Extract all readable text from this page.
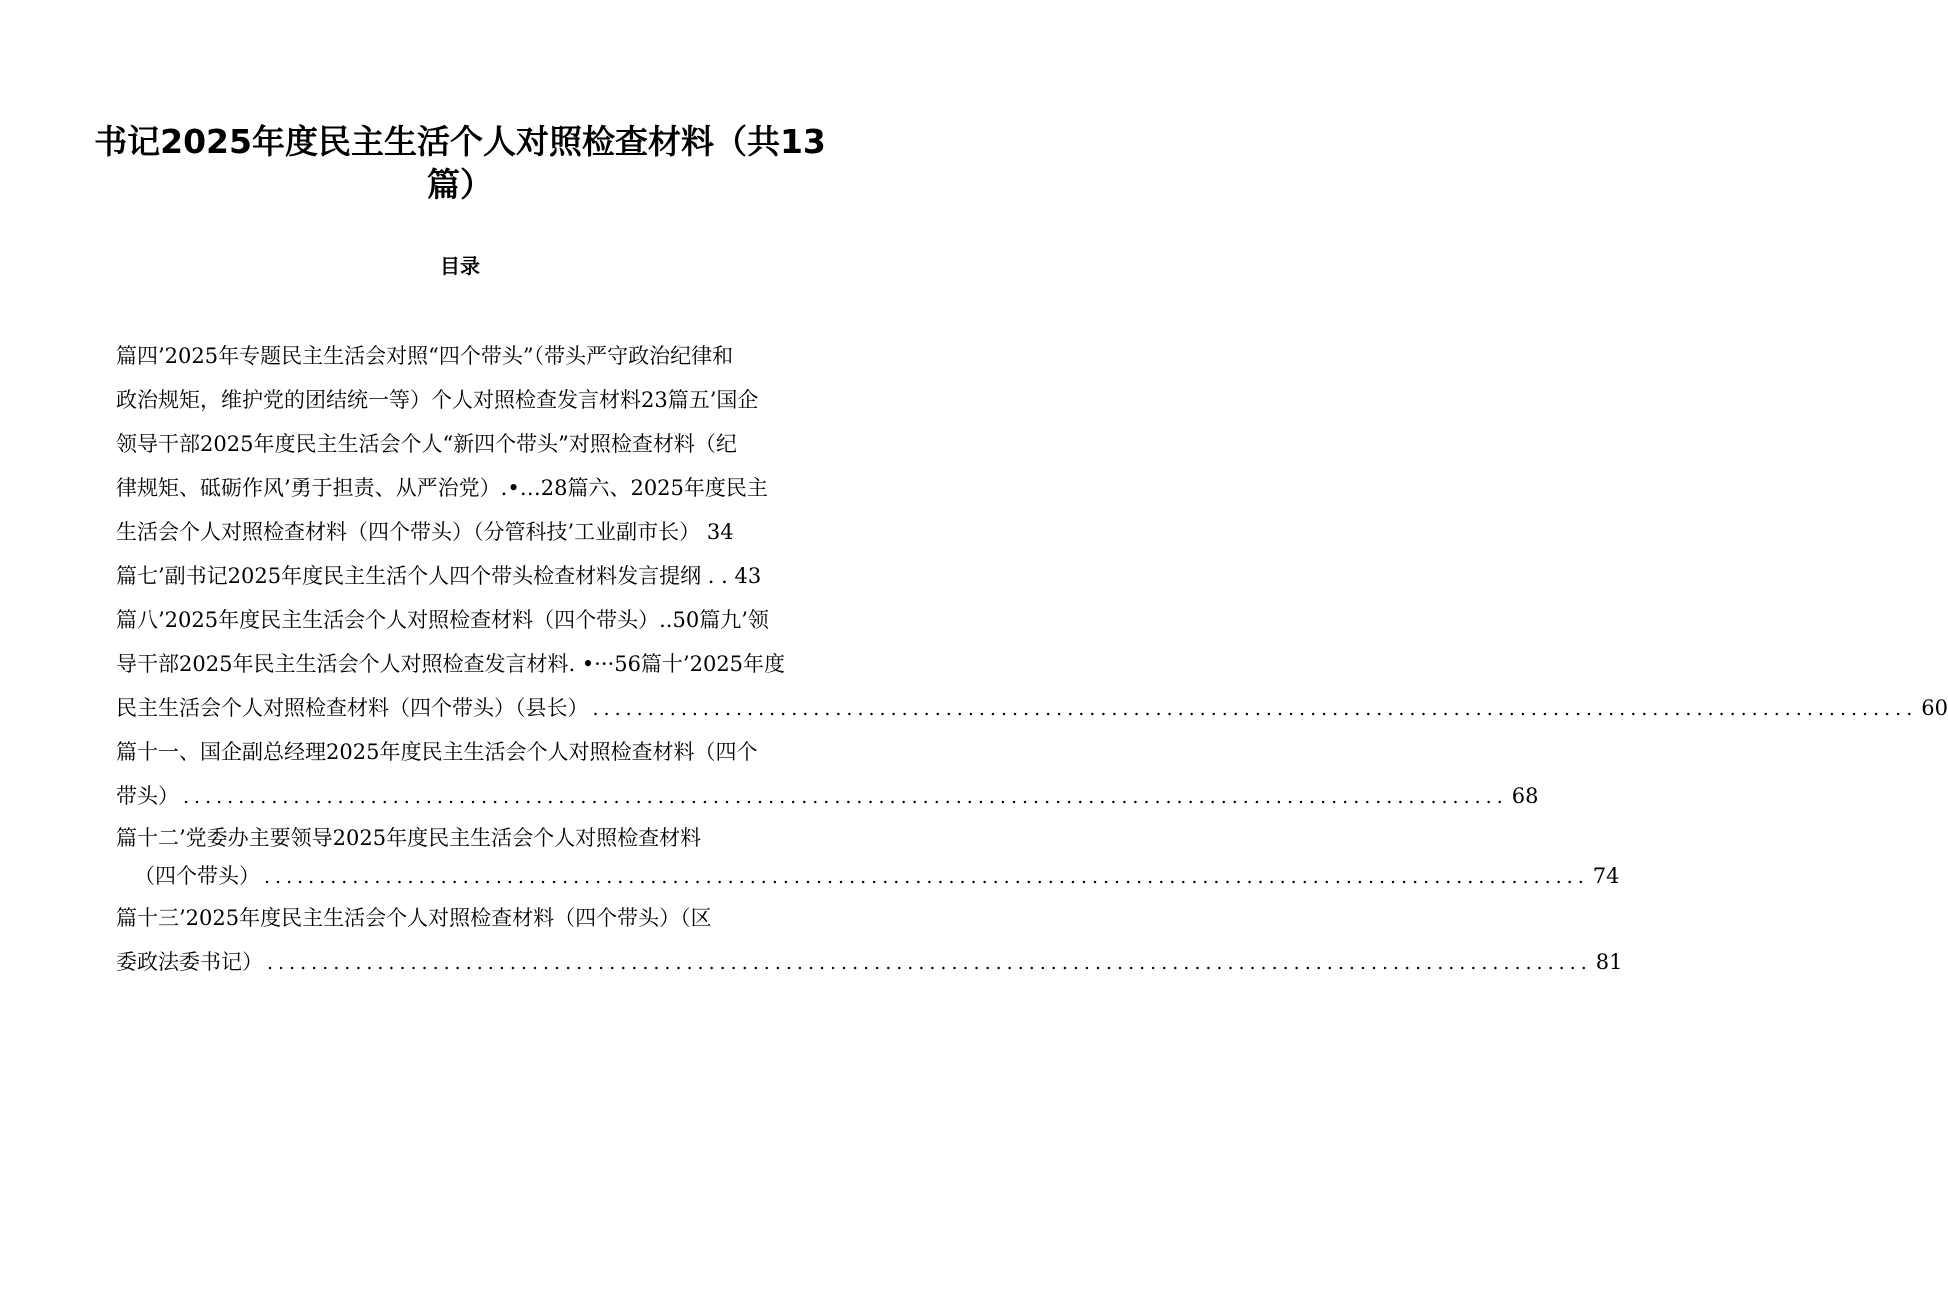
书记2025年度民主生活个人对照检查材料（共13
篇）
目录
篇四’2025年专题民主生活会对照“四个带头”（带头严守政治纪律和
政治规矩，维护党的团结统一等）个人对照检查发言材料23篇五’国企
领导干部2025年度民主生活会个人“新四个带头”对照检查材料（纪
律规矩、砥砺作风’勇于担责、从严治党）.•…28篇六、2025年度民主
生活会个人对照检查材料（四个带头）（分管科技’工业副市长） 34
篇七’副书记2025年度民主生活个人四个带头检查材料发言提纲 . . 43
篇八’2025年度民主生活会个人对照检查材料（四个带头）..50篇九’领
导干部2025年民主生活会个人对照检查发言材料. •···56篇十’2025年度
民主生活会个人对照检查材料（四个带头）（县长） ........................................................................................................................ 60
篇十一、国企副总经理2025年度民主生活会个人对照检查材料（四个
带头） ........................................................................................................................ 68
篇十二’党委办主要领导2025年度民主生活会个人对照检查材料
（四个带头） ........................................................................................................................ 74
篇十三’2025年度民主生活会个人对照检查材料（四个带头）（区
委政法委书记） ........................................................................................................................ 81
